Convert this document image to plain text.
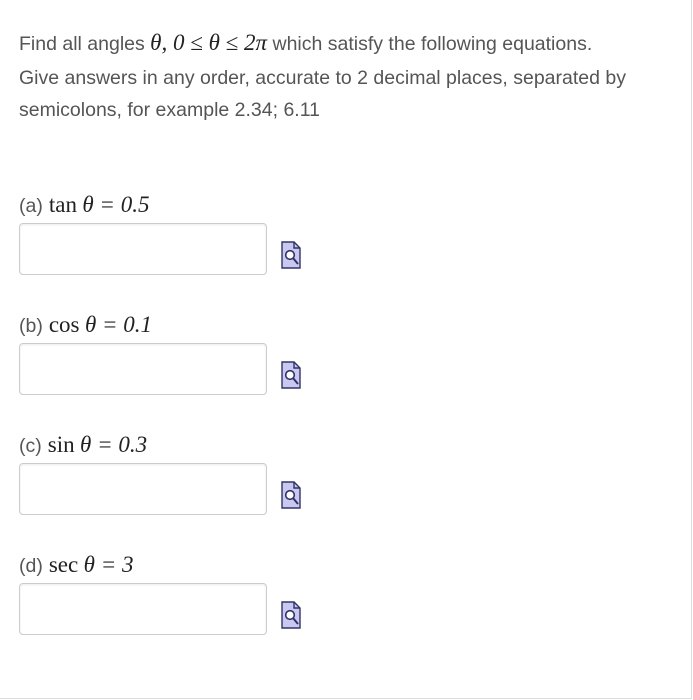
Find all angles θ, 0 ≤ θ ≤ 2π which satisfy the following equations.

Give answers in any order, accurate to 2 decimal places, separated by semicolons, for example 2.34; 6.11

(a) tan θ = 0.5
(b) cos θ = 0.1
(c) sin θ = 0.3
(d) sec θ = 3
